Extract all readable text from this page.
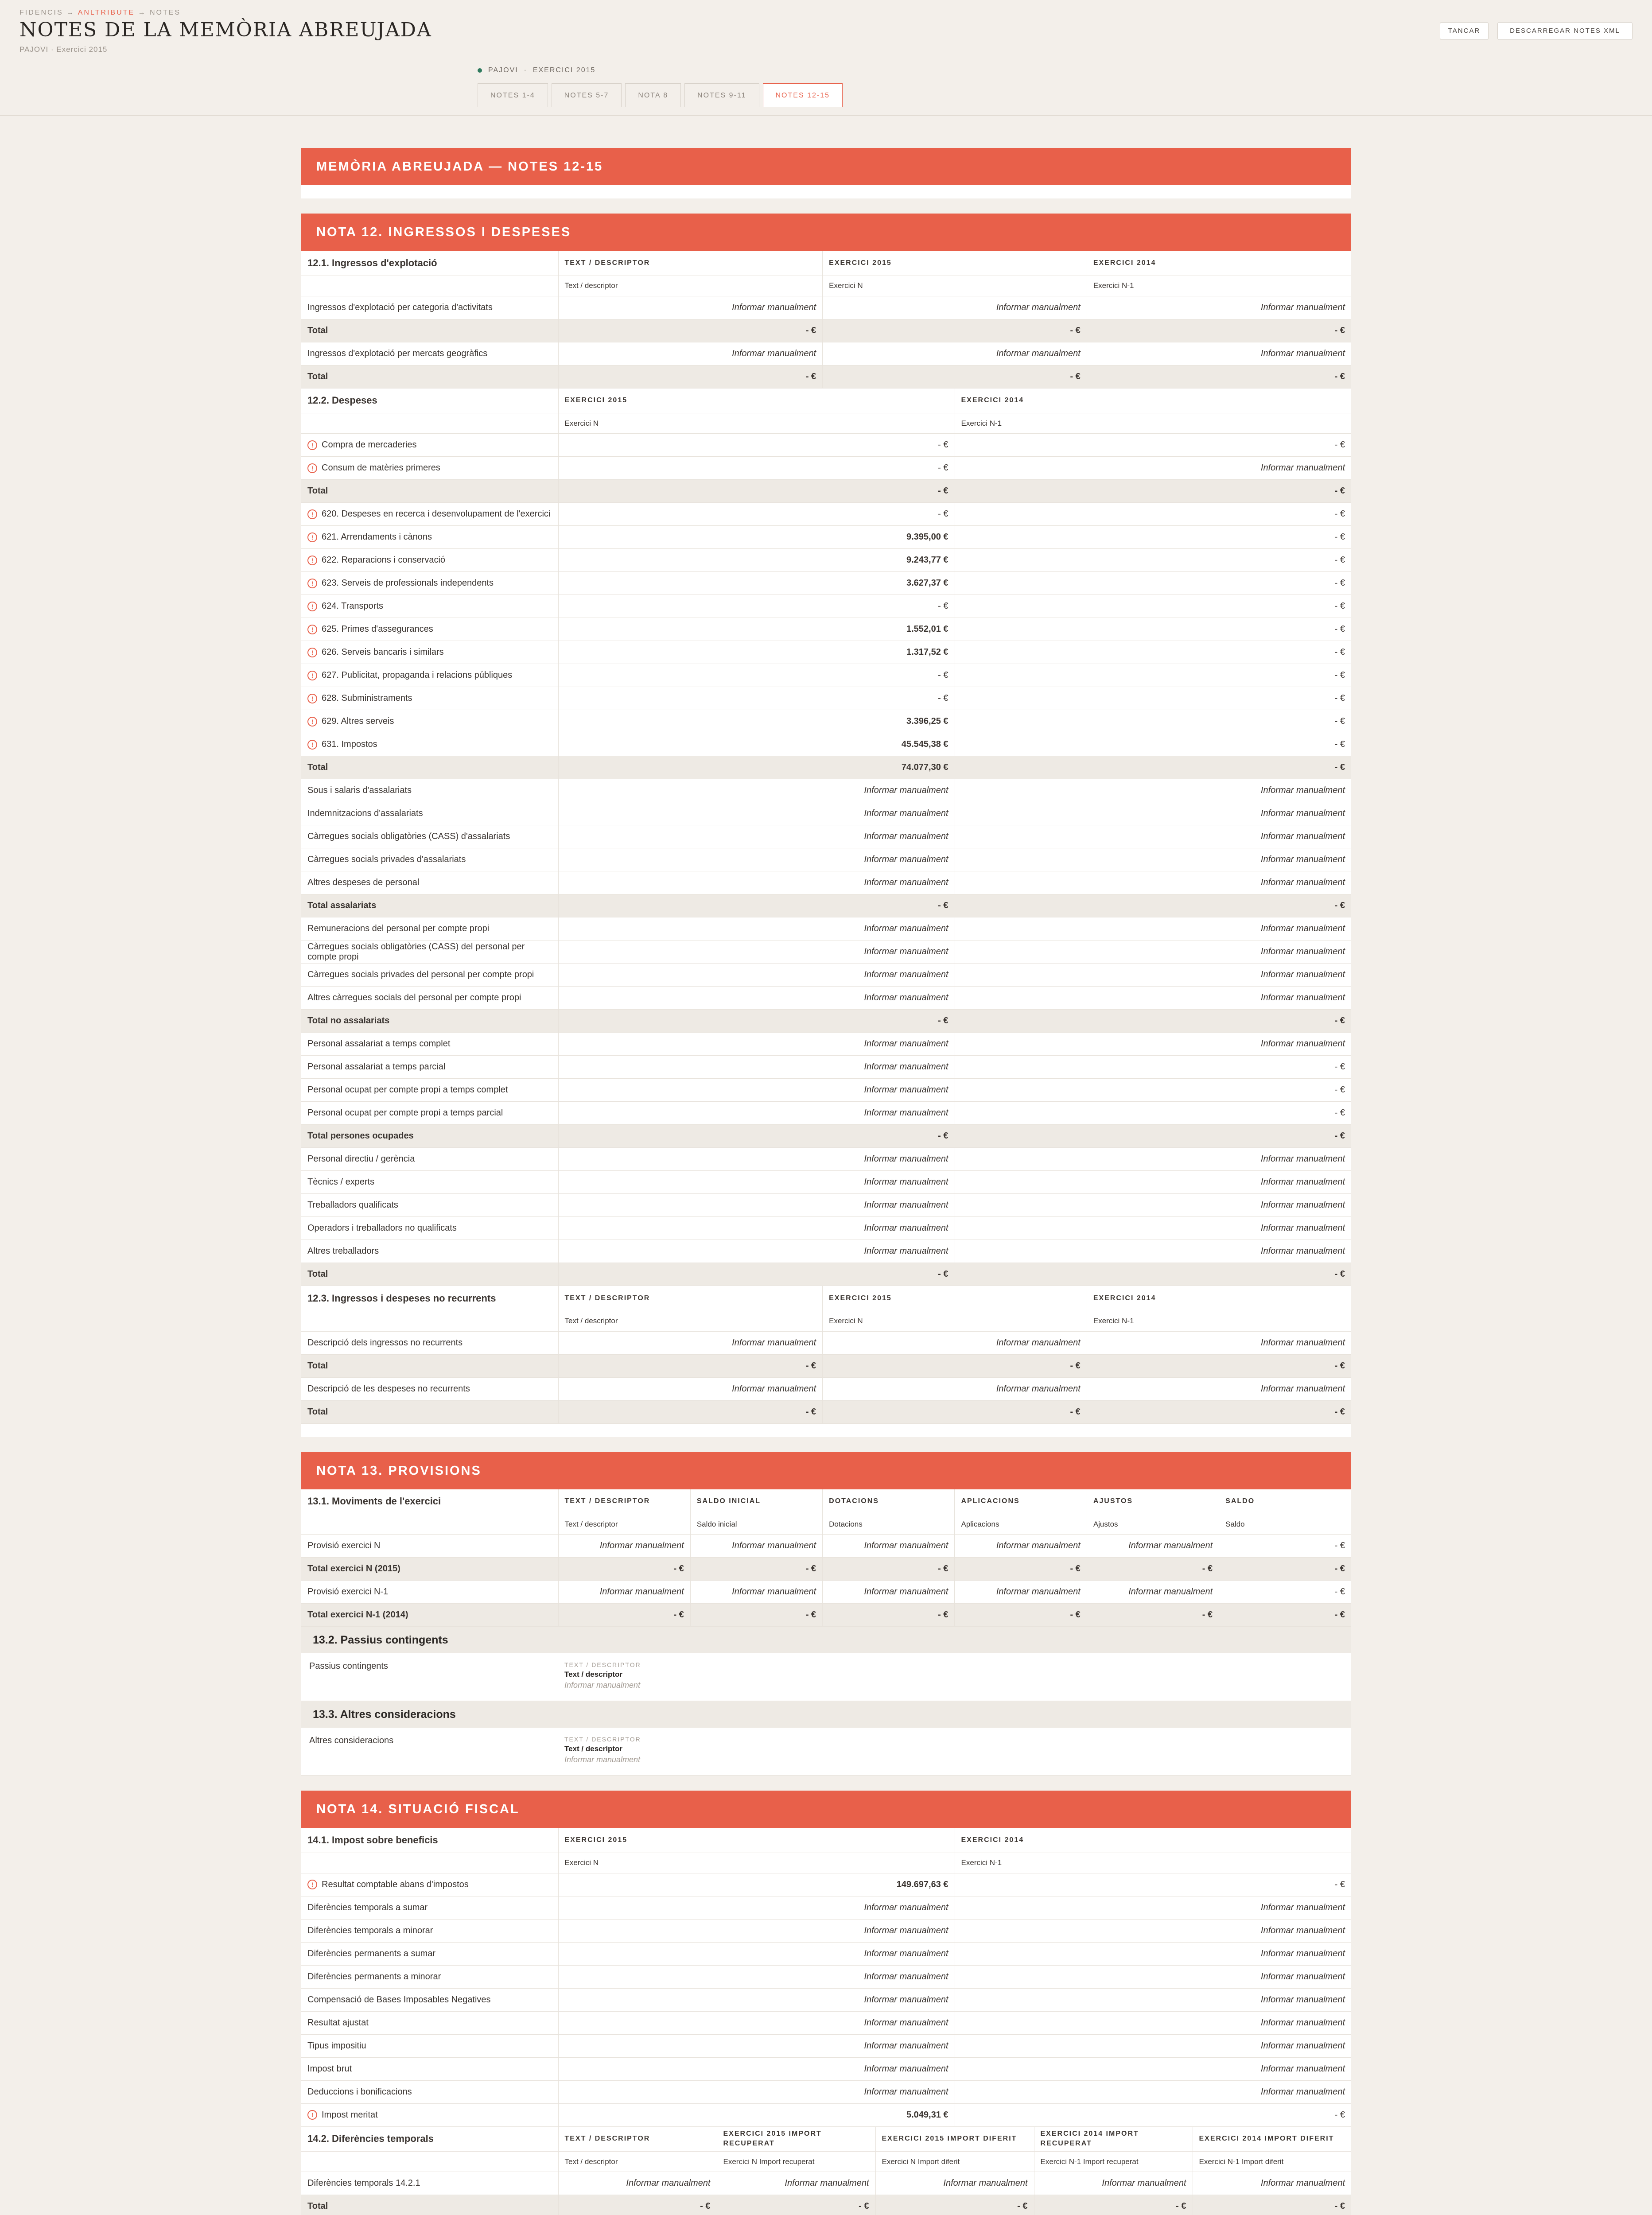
FIDENCIS → ANLTRIBUTE → NOTES
NOTES DE LA MEMÒRIA ABREUJADA
PAJOVI · Exercici 2015
TANCAR	DESCARREGAR NOTES XML
PAJOVI  ·  EXERCICI 2015
NOTES 1-4	NOTES 5-7	NOTA 8	NOTES 9-11	NOTES 12-15
MEMÒRIA ABREUJADA — NOTES 12-15
NOTA 12. INGRESSOS I DESPESES
12.1. Ingressos d'explotació	TEXT / DESCRIPTOR	EXERCICI 2015	EXERCICI 2014
	Text / descriptor	Exercici N	Exercici N-1
Ingressos d'explotació per categoria d'activitats	Informar manualment	Informar manualment	Informar manualment
Total	- €	- €	- €
Ingressos d'explotació per mercats geogràfics	Informar manualment	Informar manualment	Informar manualment
Total	- €	- €	- €
12.2. Despeses	EXERCICI 2015	EXERCICI 2014
	Exercici N	Exercici N-1
! Compra de mercaderies	- €	- €
! Consum de matèries primeres	- €	Informar manualment
Total	- €	- €
! 620. Despeses en recerca i desenvolupament de l'exercici	- €	- €
! 621. Arrendaments i cànons	9.395,00 €	- €
! 622. Reparacions i conservació	9.243,77 €	- €
! 623. Serveis de professionals independents	3.627,37 €	- €
! 624. Transports	- €	- €
! 625. Primes d'assegurances	1.552,01 €	- €
! 626. Serveis bancaris i similars	1.317,52 €	- €
! 627. Publicitat, propaganda i relacions públiques	- €	- €
! 628. Subministraments	- €	- €
! 629. Altres serveis	3.396,25 €	- €
! 631. Impostos	45.545,38 €	- €
Total	74.077,30 €	- €
Sous i salaris d'assalariats	Informar manualment	Informar manualment
Indemnitzacions d'assalariats	Informar manualment	Informar manualment
Càrregues socials obligatòries (CASS) d'assalariats	Informar manualment	Informar manualment
Càrregues socials privades d'assalariats	Informar manualment	Informar manualment
Altres despeses de personal	Informar manualment	Informar manualment
Total assalariats	- €	- €
Remuneracions del personal per compte propi	Informar manualment	Informar manualment
Càrregues socials obligatòries (CASS) del personal per compte propi	Informar manualment	Informar manualment
Càrregues socials privades del personal per compte propi	Informar manualment	Informar manualment
Altres càrregues socials del personal per compte propi	Informar manualment	Informar manualment
Total no assalariats	- €	- €
Personal assalariat a temps complet	Informar manualment	Informar manualment
Personal assalariat a temps parcial	Informar manualment	- €
Personal ocupat per compte propi a temps complet	Informar manualment	- €
Personal ocupat per compte propi a temps parcial	Informar manualment	- €
Total persones ocupades	- €	- €
Personal directiu / gerència	Informar manualment	Informar manualment
Tècnics / experts	Informar manualment	Informar manualment
Treballadors qualificats	Informar manualment	Informar manualment
Operadors i treballadors no qualificats	Informar manualment	Informar manualment
Altres treballadors	Informar manualment	Informar manualment
Total	- €	- €
12.3. Ingressos i despeses no recurrents	TEXT / DESCRIPTOR	EXERCICI 2015	EXERCICI 2014
	Text / descriptor	Exercici N	Exercici N-1
Descripció dels ingressos no recurrents	Informar manualment	Informar manualment	Informar manualment
Total	- €	- €	- €
Descripció de les despeses no recurrents	Informar manualment	Informar manualment	Informar manualment
Total	- €	- €	- €
NOTA 13. PROVISIONS
13.1. Moviments de l'exercici	TEXT / DESCRIPTOR	SALDO INICIAL	DOTACIONS	APLICACIONS	AJUSTOS	SALDO
	Text / descriptor	Saldo inicial	Dotacions	Aplicacions	Ajustos	Saldo
Provisió exercici N	Informar manualment	Informar manualment	Informar manualment	Informar manualment	Informar manualment	- €
Total exercici N (2015)	- €	- €	- €	- €	- €	- €
Provisió exercici N-1	Informar manualment	Informar manualment	Informar manualment	Informar manualment	Informar manualment	- €
Total exercici N-1 (2014)	- €	- €	- €	- €	- €	- €
13.2. Passius contingents
Passius contingents	TEXT / DESCRIPTOR
Text / descriptor
Informar manualment
13.3. Altres consideracions
Altres consideracions	TEXT / DESCRIPTOR
Text / descriptor
Informar manualment
NOTA 14. SITUACIÓ FISCAL
14.1. Impost sobre beneficis	EXERCICI 2015	EXERCICI 2014
	Exercici N	Exercici N-1
! Resultat comptable abans d'impostos	149.697,63 €	- €
Diferències temporals a sumar	Informar manualment	Informar manualment
Diferències temporals a minorar	Informar manualment	Informar manualment
Diferències permanents a sumar	Informar manualment	Informar manualment
Diferències permanents a minorar	Informar manualment	Informar manualment
Compensació de Bases Imposables Negatives	Informar manualment	Informar manualment
Resultat ajustat	Informar manualment	Informar manualment
Tipus impositiu	Informar manualment	Informar manualment
Impost brut	Informar manualment	Informar manualment
Deduccions i bonificacions	Informar manualment	Informar manualment
! Impost meritat	5.049,31 €	- €
14.2. Diferències temporals	TEXT / DESCRIPTOR	EXERCICI 2015 IMPORT RECUPERAT	EXERCICI 2015 IMPORT DIFERIT	EXERCICI 2014 IMPORT RECUPERAT	EXERCICI 2014 IMPORT DIFERIT
	Text / descriptor	Exercici N Import recuperat	Exercici N Import diferit	Exercici N-1 Import recuperat	Exercici N-1 Import diferit
Diferències temporals 14.2.1	Informar manualment	Informar manualment	Informar manualment	Informar manualment	Informar manualment
Total	- €	- €	- €	- €	- €
